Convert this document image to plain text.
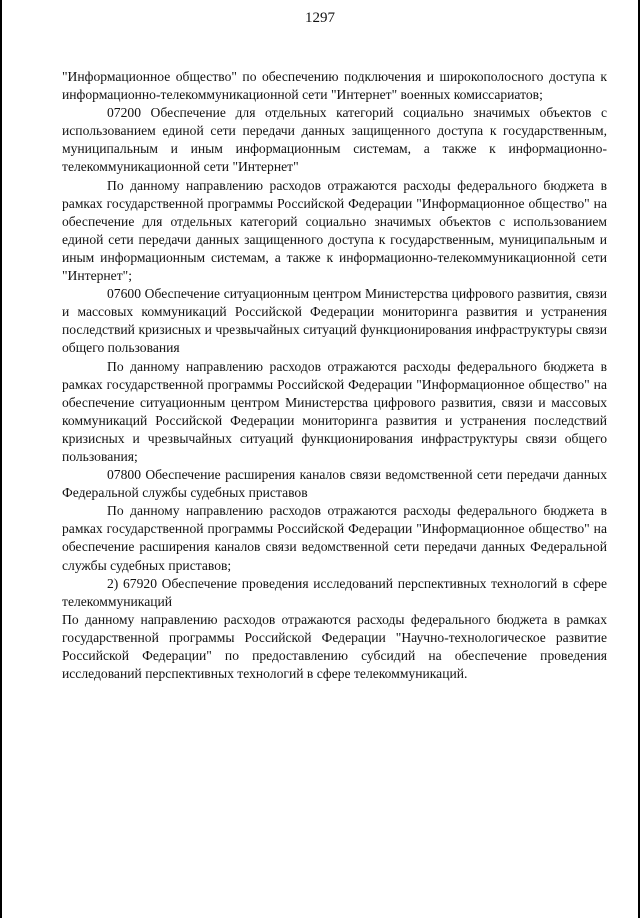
1297

"Информационное общество" по обеспечению подключения и широкополосного доступа к информационно-телекоммуникационной сети "Интернет" военных комиссариатов;

07200 Обеспечение для отдельных категорий социально значимых объектов с использованием единой сети передачи данных защищенного доступа к государственным, муниципальным и иным информационным системам, а также к информационно-телекоммуникационной сети "Интернет"

По данному направлению расходов отражаются расходы федерального бюджета в рамках государственной программы Российской Федерации "Информационное общество" на обеспечение для отдельных категорий социально значимых объектов с использованием единой сети передачи данных защищенного доступа к государственным, муниципальным и иным информационным системам, а также к информационно-телекоммуникационной сети "Интернет";

07600 Обеспечение ситуационным центром Министерства цифрового развития, связи и массовых коммуникаций Российской Федерации мониторинга развития и устранения последствий кризисных и чрезвычайных ситуаций функционирования инфраструктуры связи общего пользования

По данному направлению расходов отражаются расходы федерального бюджета в рамках государственной программы Российской Федерации "Информационное общество" на обеспечение ситуационным центром Министерства цифрового развития, связи и массовых коммуникаций Российской Федерации мониторинга развития и устранения последствий кризисных и чрезвычайных ситуаций функционирования инфраструктуры связи общего пользования;

07800 Обеспечение расширения каналов связи ведомственной сети передачи данных Федеральной службы судебных приставов

По данному направлению расходов отражаются расходы федерального бюджета в рамках государственной программы Российской Федерации "Информационное общество" на обеспечение расширения каналов связи ведомственной сети передачи данных Федеральной службы судебных приставов;

2) 67920 Обеспечение проведения исследований перспективных технологий в сфере телекоммуникаций

По данному направлению расходов отражаются расходы федерального бюджета в рамках государственной программы Российской Федерации "Научно-технологическое развитие Российской Федерации" по предоставлению субсидий на обеспечение проведения исследований перспективных технологий в сфере телекоммуникаций.
